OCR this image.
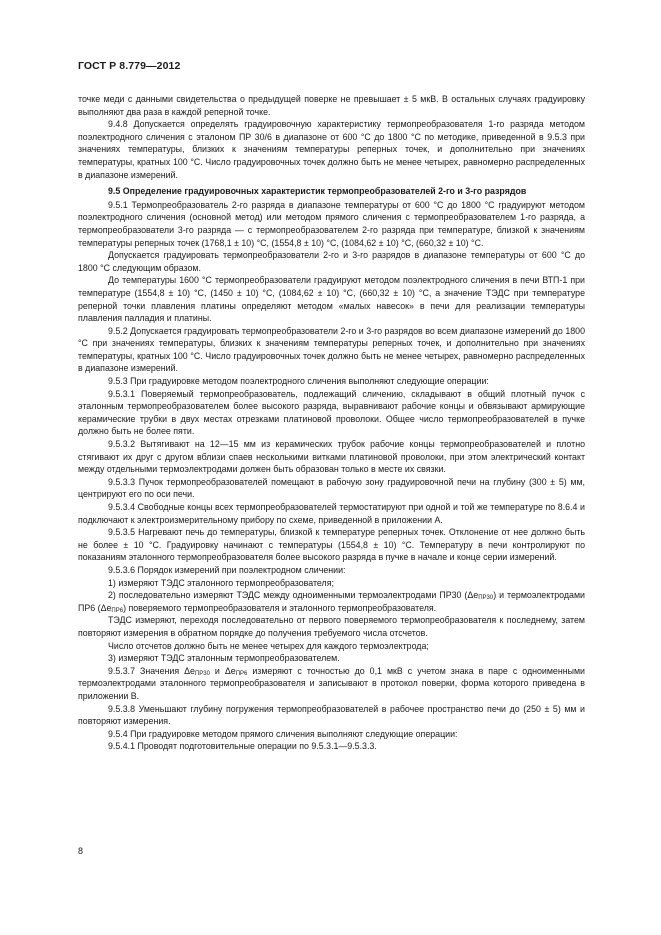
ГОСТ Р 8.779—2012

точке меди с данными свидетельства о предыдущей поверке не превышает ± 5 мкВ. В остальных случаях градуировку выполняют два раза в каждой реперной точке.

9.4.8 Допускается определять градуировочную характеристику термопреобразователя 1-го разряда методом поэлектродного сличения с эталоном ПР 30/6 в диапазоне от 600 °С до 1800 °С по методике, приведенной в 9.5.3 при значениях температуры, близких к значениям температуры реперных точек, и дополнительно при значениях температуры, кратных 100 °С. Число градуировочных точек должно быть не менее четырех, равномерно распределенных в диапазоне измерений.

9.5 Определение градуировочных характеристик термопреобразователей 2-го и 3-го разрядов

9.5.1 Термопреобразователь 2-го разряда в диапазоне температуры от 600 °С до 1800 °С градуируют методом поэлектродного сличения (основной метод) или методом прямого сличения с термопреобразователем 1-го разряда, а термопреобразователи 3-го разряда — с термопреобразователем 2-го разряда при температуре, близкой к значениям температуры реперных точек (1768,1 ± 10) °С, (1554,8 ± 10) °С, (1084,62 ± 10) °С, (660,32 ± 10) °С.

Допускается градуировать термопреобразователи 2-го и 3-го разрядов в диапазоне температуры от 600 °С до 1800 °С следующим образом.

До температуры 1600 °С термопреобразователи градуируют методом поэлектродного сличения в печи ВТП-1 при температуре (1554,8 ± 10) °С, (1450 ± 10) °С, (1084,62 ± 10) °С, (660,32 ± 10) °С, а значение ТЭДС при температуре реперной точки плавления платины определяют методом «малых навесок» в печи для реализации температуры плавления палладия и платины.

9.5.2 Допускается градуировать термопреобразователи 2-го и 3-го разрядов во всем диапазоне измерений до 1800 °С при значениях температуры, близких к значениям температуры реперных точек, и дополнительно при значениях температуры, кратных 100 °С. Число градуировочных точек должно быть не менее четырех, равномерно распределенных в диапазоне измерений.

9.5.3 При градуировке методом поэлектродного сличения выполняют следующие операции:

9.5.3.1 Поверяемый термопреобразователь, подлежащий сличению, складывают в общий плотный пучок с эталонным термопреобразователем более высокого разряда, выравнивают рабочие концы и обвязывают армирующие керамические трубки в двух местах отрезками платиновой проволоки. Общее число термопреобразователей в пучке должно быть не более пяти.

9.5.3.2 Вытягивают на 12—15 мм из керамических трубок рабочие концы термопреобразователей и плотно стягивают их друг с другом вблизи спаев несколькими витками платиновой проволоки, при этом электрический контакт между отдельными термоэлектродами должен быть образован только в месте их связки.

9.5.3.3 Пучок термопреобразователей помещают в рабочую зону градуировочной печи на глубину (300 ± 5) мм, центрируют его по оси печи.

9.5.3.4 Свободные концы всех термопреобразователей термостатируют при одной и той же температуре по 8.6.4 и подключают к электроизмерительному прибору по схеме, приведенной в приложении А.

9.5.3.5 Нагревают печь до температуры, близкой к температуре реперных точек. Отклонение от нее должно быть не более ± 10 °С. Градуировку начинают с температуры (1554,8 ± 10) °С. Температуру в печи контролируют по показаниям эталонного термопреобразователя более высокого разряда в пучке в начале и конце серии измерений.

9.5.3.6 Порядок измерений при поэлектродном сличении:

1) измеряют ТЭДС эталонного термопреобразователя;

2) последовательно измеряют ТЭДС между одноименными термоэлектродами ПР30 $(\Delta e_{ПР30})$ и термоэлектродами ПР6 $(\Delta e_{ПР6})$ поверяемого термопреобразователя и эталонного термопреобразователя.

ТЭДС измеряют, переходя последовательно от первого поверяемого термопреобразователя к последнему, затем повторяют измерения в обратном порядке до получения требуемого числа отсчетов.

Число отсчетов должно быть не менее четырех для каждого термоэлектрода;

3) измеряют ТЭДС эталонным термопреобразователем.

9.5.3.7 Значения $\Delta e_{ПР30}$ и $\Delta e_{ПР6}$ измеряют с точностью до 0,1 мкВ с учетом знака в паре с одноименными термоэлектродами эталонного термопреобразователя и записывают в протокол поверки, форма которого приведена в приложении В.

9.5.3.8 Уменьшают глубину погружения термопреобразователей в рабочее пространство печи до (250 ± 5) мм и повторяют измерения.

9.5.4 При градуировке методом прямого сличения выполняют следующие операции:

9.5.4.1 Проводят подготовительные операции по 9.5.3.1—9.5.3.3.

8
